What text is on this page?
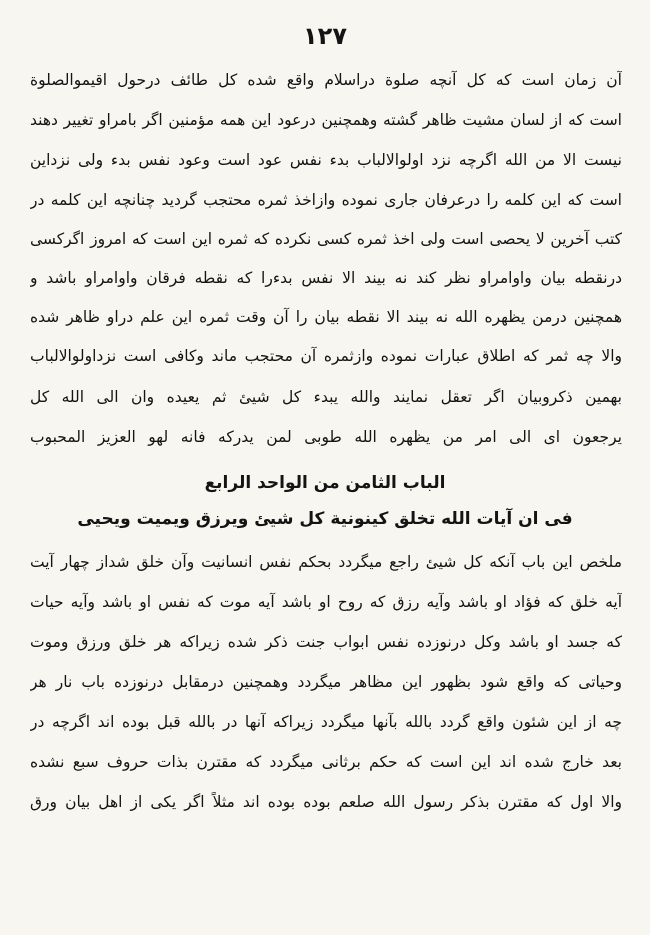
۱۲۷
آن زمان است که کل آنچه صلوة دراسلام واقع شده کل طائف درحول اقیموالصلوة
است که از لسان مشیت ظاهر گشته وهمچنین درعود این همه مؤمنین اگر بامراو تغییر دهند
نیست الا من الله اگرچه نزد اولوالالباب بدء نفس عود است وعود نفس بدء ولی نزداین
است که این کلمه را درعرفان جاری نموده وازاخذ ثمره محتجب گردید چنانچه این کلمه در
کتب آخرین لا یحصی است ولی اخذ ثمره کسی نکرده که ثمره این است که امروز اگرکسی
درنقطه بیان واوامراو نظر کند نه بیند الا نفس بدءرا که نقطه فرقان واوامراو باشد و
همچنین درمن یظهره الله نه بیند الا نقطه بیان را آن وقت ثمره این علم دراو ظاهر شده
والا چه ثمر که اطلاق عبارات نموده وازثمره آن محتجب ماند وکافی است نزداولوالالباب
بهمین ذکروبیان اگر تعقل نمایند والله یبدء کل شیئ ثم یعیده وان الی الله کل
یرجعون ای الی امر من یظهره الله طوبی لمن یدرکه فانه لهو العزیز المحبوب
الباب الثامن من الواحد الرابع
فی ان آیات الله تخلق کینونیة کل شیئ ویرزق ویمیت ویحیی
ملخص این باب آنکه کل شیئ راجع میگردد بحکم نفس انسانیت وآن خلق شداز چهار آیت
آیه خلق که فؤاد او باشد وآیه رزق که روح او باشد آیه موت که نفس او باشد وآیه حیات
که جسد او باشد وکل درنوزده نفس ابواب جنت ذکر شده زیراکه هر خلق ورزق وموت
وحیاتی که واقع شود بظهور این مظاهر میگردد وهمچنین درمقابل درنوزده باب نار هر
چه از این شئون واقع گردد بالله بآنها میگردد زیراکه آنها در بالله قبل بوده اند اگرچه در
بعد خارج شده اند این است که حکم برثانی میگردد که مقترن بذات حروف سبع نشده
والا اول که مقترن بذکر رسول الله صلعم بوده بوده اند مثلاً اگر یکی از اهل بیان ورق
